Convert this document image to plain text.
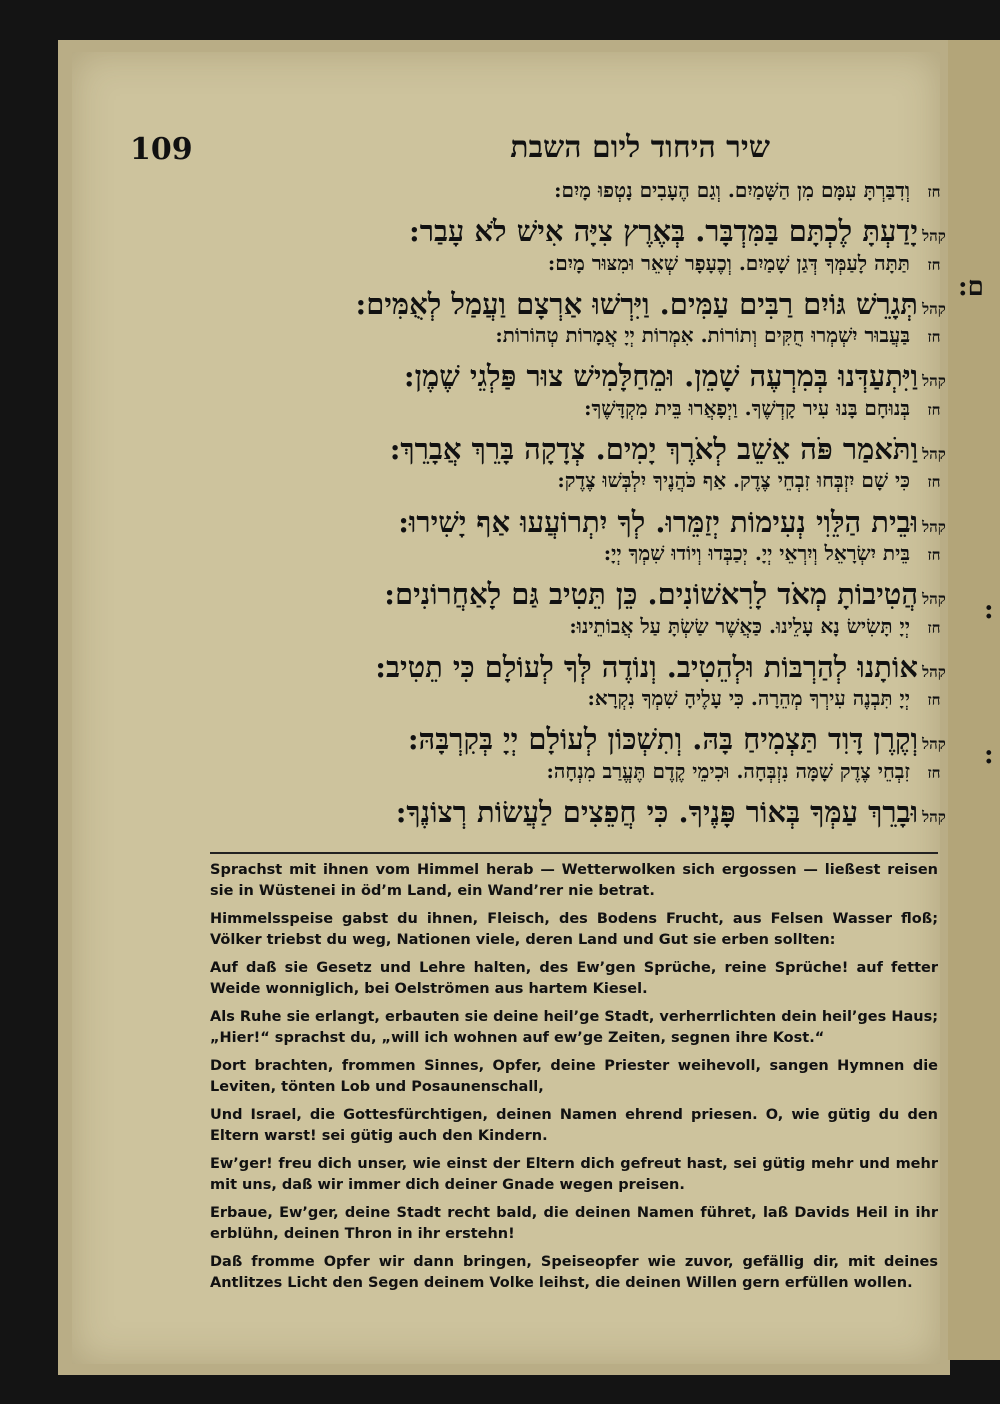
:ם
:
:
109	שיר היחוד ליום השבת
חז
וְדִבַּרְתָּ עִמָּם מִן הַשָּׁמַיִם. וְגַם הֶעָבִים נָטְפוּ מָיִם:
קהל
יָדַעְתָּ לֶכְתָּם בַּמִּדְבָּר. בְּאֶרֶץ צִיָּה אִישׁ לֹא עָבַר:
חז
תַּתָּה לָעַמְּךָ דְּגַן שָׁמַיִם. וְכֶעָפָר שְׁאֵר וּמִצּוּר מָיִם:
קהל
תְּגָרֵשׁ גּוֹיִם רַבִּים עַמִּים. וַיִּרְשׁוּ אַרְצָם וַעֲמַל לְאֻמִּים:
חז
בַּעֲבוּר יִשְׁמְרוּ חֻקִּים וְתוֹרוֹת. אִמְרוֹת יְיָ אֲמָרוֹת טְהוֹרוֹת:
קהל
וַיִּתְעַדְּנוּ בְּמִרְעֶה שָׁמֵן. וּמֵחַלָּמִישׁ צוּר פַּלְגֵי שֶׁמֶן:
חז
בְּנוּחָם בָּנוּ עִיר קָדְשֶׁךָ. וַיְפָאֲרוּ בֵּית מִקְדָּשֶׁךָ:
קהל
וַתֹּאמַר פֹּה אֵשֵׁב לְאֹרֶךְ יָמִים. צְדָקָה בָּרֵךְ אֲבָרֵךְ:
חז
כִּי שָׁם יִזְבְּחוּ זִבְחֵי צֶדֶק. אַף כֹּהֲנֶיךָ יִלְבְּשׁוּ צֶדֶק:
קהל
וּבֵית הַלֵּוִי נְעִימוֹת יְזַמֵּרוּ. לְךָ יִתְרוֹעֲעוּ אַף יָשִׁירוּ:
חז
בֵּית יִשְׂרָאֵל וְיִרְאֵי יְיָ. יְכַבְּדוּ וְיוֹדוּ שִׁמְךָ יְיָ:
קהל
הֲטִיבוֹתָ מְאֹד לָרִאשׁוֹנִים. כֵּן תֵּטִיב גַּם לָאַחֲרוֹנִים:
חז
יְיָ תָּשִׂישׂ נָא עָלֵינוּ. כַּאֲשֶׁר שַׂשְׂתָּ עַל אֲבוֹתֵינוּ:
קהל
אוֹתָנוּ לְהַרְבּוֹת וּלְהֵטִיב. וְנוֹדֶה לְּךָ לְעוֹלָם כִּי תֵטִיב:
חז
יְיָ תִּבְנֶה עִירְךָ מְהֵרָה. כִּי עָלֶיהָ שִׁמְךָ נִקְרָא:
קהל
וְקֶרֶן דָּוִד תַּצְמִיחַ בָּהּ. וְתִשְׁכּוֹן לְעוֹלָם יְיָ בְּקִרְבָּהּ:
חז
זִבְחֵי צֶדֶק שָׁמָּה נִזְבְּחָה. וּכִימֵי קֶדֶם תֶּעֱרַב מִנְחָה:
קהל
וּבָרֵךְ עַמְּךָ בְּאוֹר פָּנֶיךָ. כִּי חֲפֵצִים לַעֲשׂוֹת רְצוֹנֶךָ:

Sprachst mit ihnen vom Himmel herab — Wetterwolken sich ergossen — ließest reisen sie in Wüstenei in öd’m Land, ein Wand’rer nie betrat.

Himmelsspeise gabst du ihnen, Fleisch, des Bodens Frucht, aus Felsen Wasser floß; Völker triebst du weg, Nationen viele, deren Land und Gut sie erben sollten:

Auf daß sie Gesetz und Lehre halten, des Ew’gen Sprüche, reine Sprüche! auf fetter Weide wonniglich, bei Oelströmen aus hartem Kiesel.

Als Ruhe sie erlangt, erbauten sie deine heil’ge Stadt, verherrlichten dein heil’ges Haus; „Hier!“ sprachst du, „will ich wohnen auf ew’ge Zeiten, segnen ihre Kost.“

Dort brachten, frommen Sinnes, Opfer, deine Priester weihevoll, sangen Hymnen die Leviten, tönten Lob und Posaunenschall,

Und Israel, die Gottesfürchtigen, deinen Namen ehrend priesen. O, wie gütig du den Eltern warst! sei gütig auch den Kindern.

Ew’ger! freu dich unser, wie einst der Eltern dich gefreut hast, sei gütig mehr und mehr mit uns, daß wir immer dich deiner Gnade wegen preisen.

Erbaue, Ew’ger, deine Stadt recht bald, die deinen Namen führet, laß Davids Heil in ihr erblühn, deinen Thron in ihr erstehn!

Daß fromme Opfer wir dann bringen, Speiseopfer wie zuvor, gefällig dir, mit deines Antlitzes Licht den Segen deinem Volke leihst, die deinen Willen gern erfüllen wollen.
